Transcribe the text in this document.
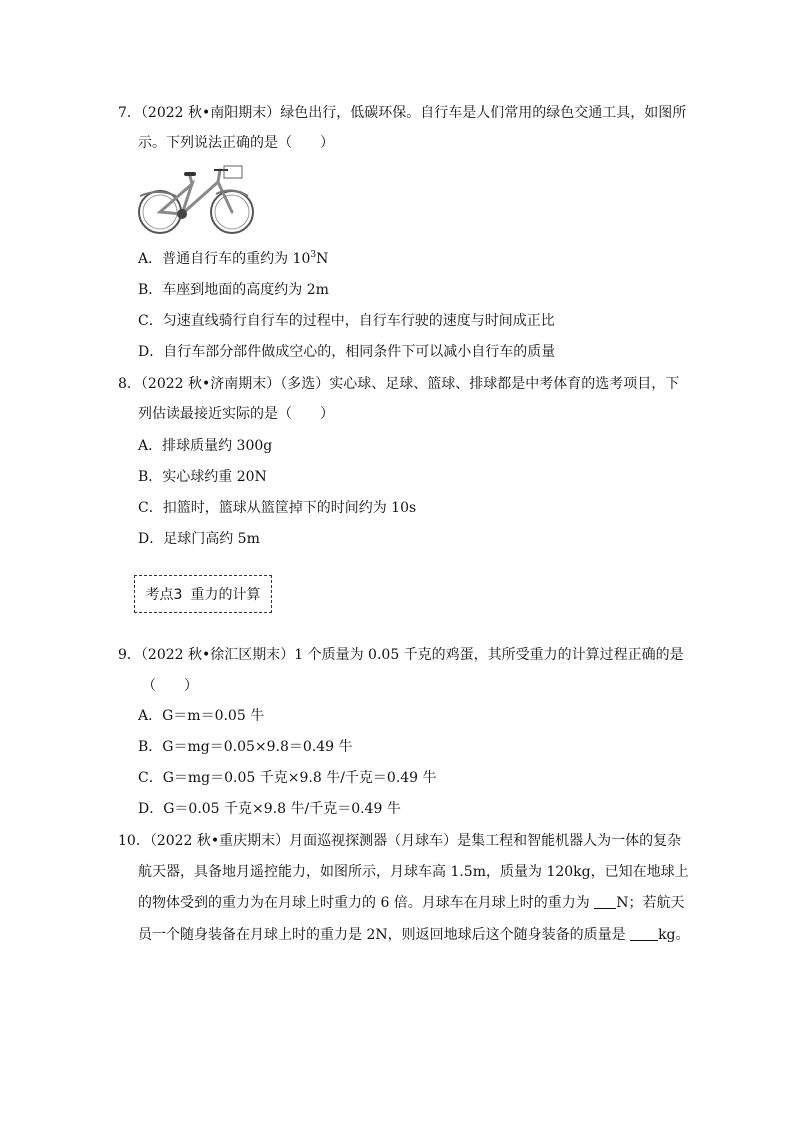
7．（2022 秋•南阳期末）绿色出行，低碳环保。自行车是人们常用的绿色交通工具，如图所
示。下列说法正确的是（　　）
A．普通自行车的重约为 $10^3N$
B．车座到地面的高度约为 2m
C．匀速直线骑行自行车的过程中，自行车行驶的速度与时间成正比
D．自行车部分部件做成空心的，相同条件下可以减小自行车的质量
8．（2022 秋•济南期末）（多选）实心球、足球、篮球、排球都是中考体育的选考项目，下
列估读最接近实际的是（　　）
A．排球质量约 300g
B．实心球约重 20N
C．扣篮时，篮球从篮筐掉下的时间约为 10s
D．足球门高约 5m
考点3 重力的计算
9．（2022 秋•徐汇区期末）1 个质量为 0.05 千克的鸡蛋，其所受重力的计算过程正确的是
（　　）
A．G＝m＝0.05 牛
B．G＝mg＝0.05×9.8＝0.49 牛
C．G＝mg＝0.05 千克×9.8 牛/千克＝0.49 牛
D．G＝0.05 千克×9.8 牛/千克＝0.49 牛
10．（2022 秋•重庆期末）月面巡视探测器（月球车）是集工程和智能机器人为一体的复杂
航天器，具备地月遥控能力，如图所示，月球车高 1.5m，质量为 120kg，已知在地球上
的物体受到的重力为在月球上时重力的 6 倍。月球车在月球上时的重力为 N；若航天
员一个随身装备在月球上时的重力是 2N，则返回地球后这个随身装备的质量是 kg。
